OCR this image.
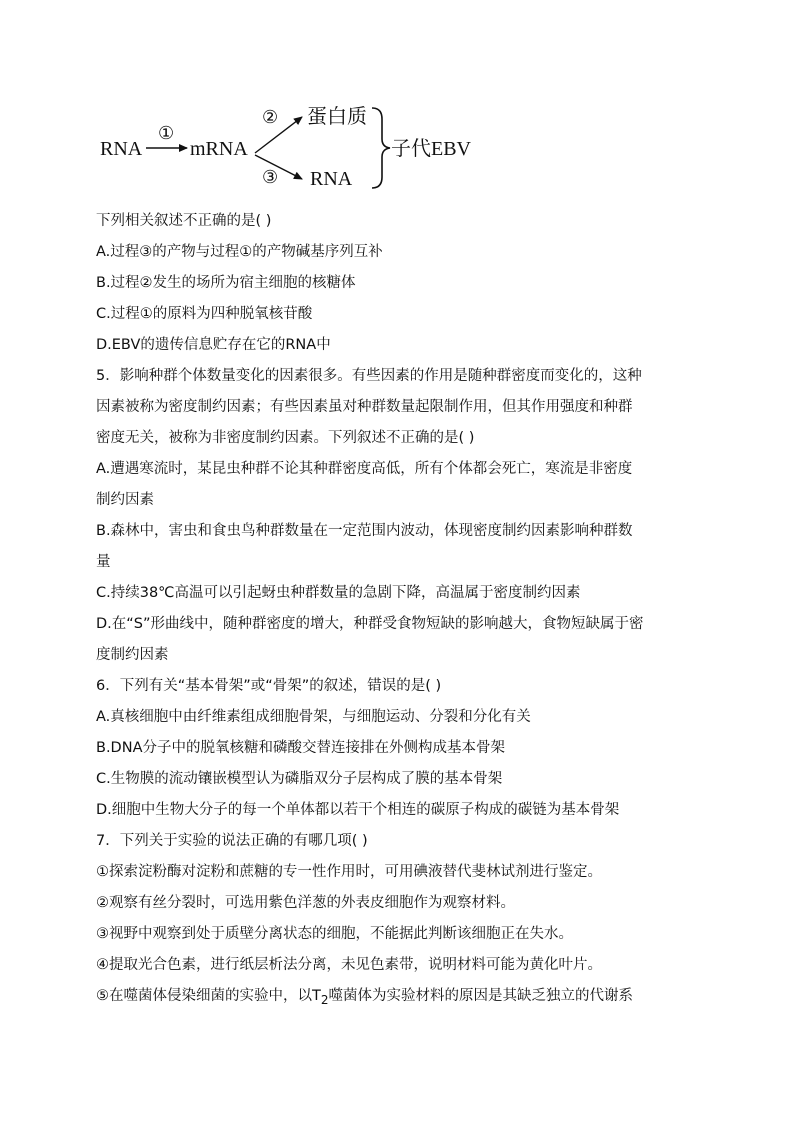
RNA
①
mRNA
②
③
蛋白质
RNA
子代EBV
下列相关叙述不正确的是( )
A.过程③的产物与过程①的产物碱基序列互补
B.过程②发生的场所为宿主细胞的核糖体
C.过程①的原料为四种脱氧核苷酸
D.EBV的遗传信息贮存在它的RNA中
5．影响种群个体数量变化的因素很多。有些因素的作用是随种群密度而变化的，这种
因素被称为密度制约因素；有些因素虽对种群数量起限制作用，但其作用强度和种群
密度无关，被称为非密度制约因素。下列叙述不正确的是( )
A.遭遇寒流时，某昆虫种群不论其种群密度高低，所有个体都会死亡，寒流是非密度
制约因素
B.森林中，害虫和食虫鸟种群数量在一定范围内波动，体现密度制约因素影响种群数
量
C.持续38℃高温可以引起蚜虫种群数量的急剧下降，高温属于密度制约因素
D.在“S”形曲线中，随种群密度的增大，种群受食物短缺的影响越大，食物短缺属于密
度制约因素
6．下列有关“基本骨架”或“骨架”的叙述，错误的是( )
A.真核细胞中由纤维素组成细胞骨架，与细胞运动、分裂和分化有关
B.DNA分子中的脱氧核糖和磷酸交替连接排在外侧构成基本骨架
C.生物膜的流动镶嵌模型认为磷脂双分子层构成了膜的基本骨架
D.细胞中生物大分子的每一个单体都以若干个相连的碳原子构成的碳链为基本骨架
7．下列关于实验的说法正确的有哪几项( )
①探索淀粉酶对淀粉和蔗糖的专一性作用时，可用碘液替代斐林试剂进行鉴定。
②观察有丝分裂时，可选用紫色洋葱的外表皮细胞作为观察材料。
③视野中观察到处于质壁分离状态的细胞，不能据此判断该细胞正在失水。
④提取光合色素，进行纸层析法分离，未见色素带，说明材料可能为黄化叶片。
⑤在噬菌体侵染细菌的实验中，以$T_2$噬菌体为实验材料的原因是其缺乏独立的代谢系
